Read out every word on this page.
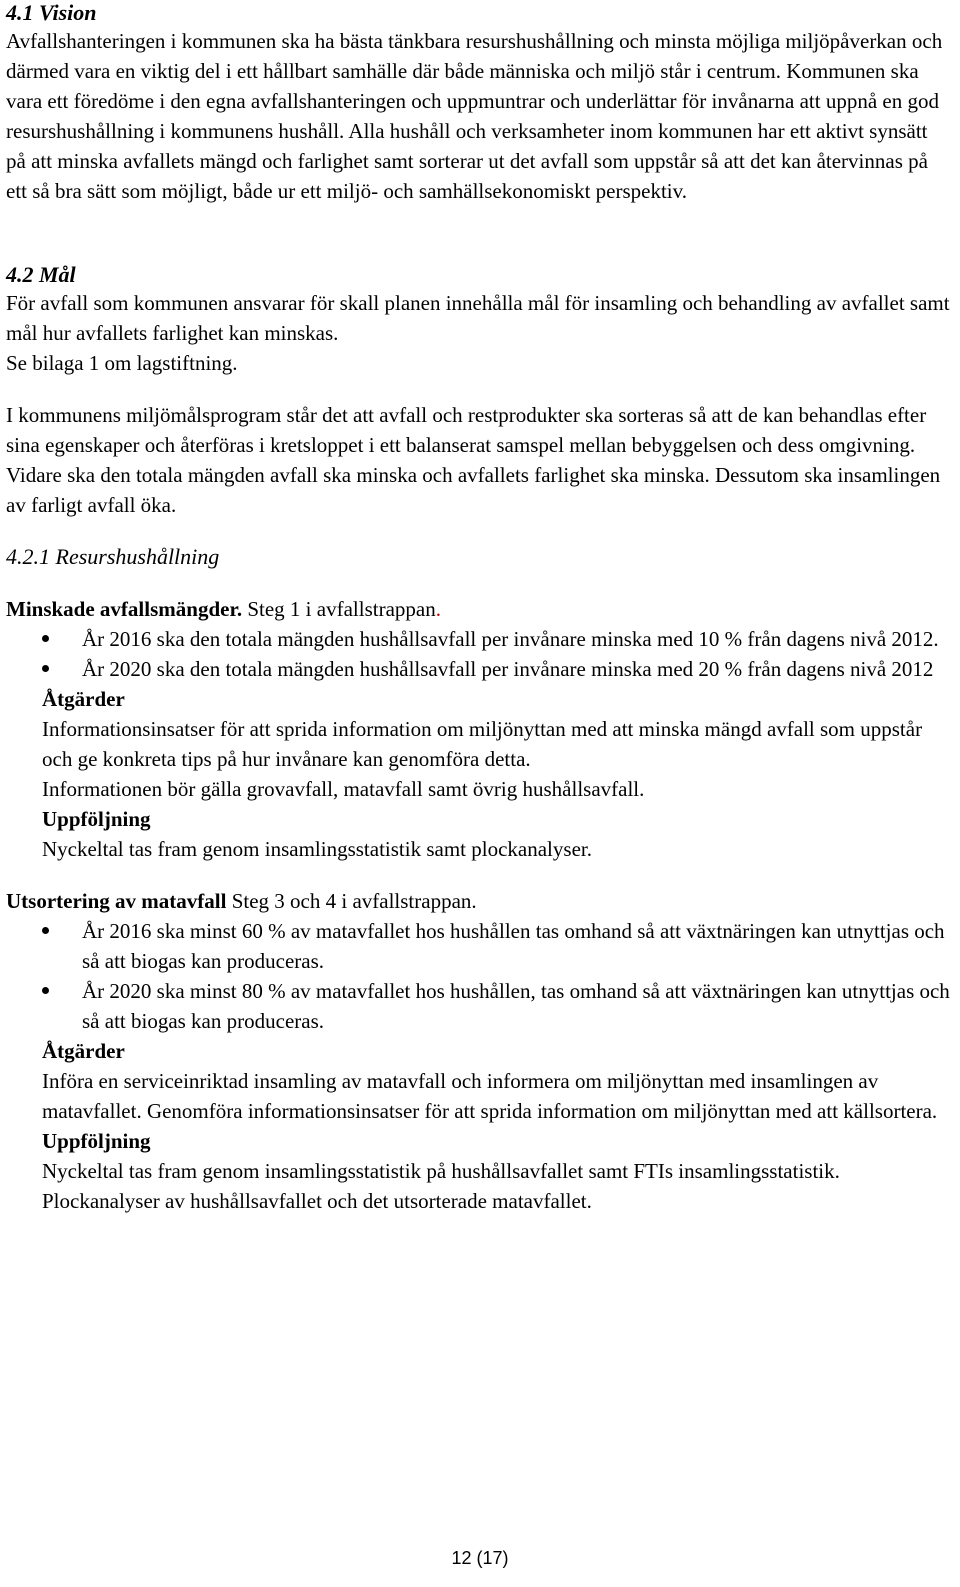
4.1 Vision

Avfallshanteringen i kommunen ska ha bästa tänkbara resurshushållning och minsta möjliga miljöpåverkan och därmed vara en viktig del i ett hållbart samhälle där både människa och miljö står i centrum. Kommunen ska vara ett föredöme i den egna avfallshanteringen och uppmuntrar och underlättar för invånarna att uppnå en god resurshushållning i kommunens hushåll. Alla hushåll och verksamheter inom kommunen har ett aktivt synsätt på att minska avfallets mängd och farlighet samt sorterar ut det avfall som uppstår så att det kan återvinnas på ett så bra sätt som möjligt, både ur ett miljö- och samhällsekonomiskt perspektiv.

4.2 Mål

För avfall som kommunen ansvarar för skall planen innehålla mål för insamling och behandling av avfallet samt mål hur avfallets farlighet kan minskas.

Se bilaga 1 om lagstiftning.

I kommunens miljömålsprogram står det att avfall och restprodukter ska sorteras så att de kan behandlas efter sina egenskaper och återföras i kretsloppet i ett balanserat samspel mellan bebyggelsen och dess omgivning. Vidare ska den totala mängden avfall ska minska och avfallets farlighet ska minska. Dessutom ska insamlingen av farligt avfall öka.

4.2.1 Resurshushållning

Minskade avfallsmängder. Steg 1 i avfallstrappan.

År 2016 ska den totala mängden hushållsavfall per invånare minska med 10 % från dagens nivå 2012.
År 2020 ska den totala mängden hushållsavfall per invånare minska med 20 % från dagens nivå 2012

Åtgärder

Informationsinsatser för att sprida information om miljönyttan med att minska mängd avfall som uppstår och ge konkreta tips på hur invånare kan genomföra detta.

Informationen bör gälla grovavfall, matavfall samt övrig hushållsavfall.

Uppföljning

Nyckeltal tas fram genom insamlingsstatistik samt plockanalyser.

Utsortering av matavfall Steg 3 och 4 i avfallstrappan.

År 2016 ska minst 60 % av matavfallet hos hushållen tas omhand så att växtnäringen kan utnyttjas och så att biogas kan produceras.
År 2020 ska minst 80 % av matavfallet hos hushållen, tas omhand så att växtnäringen kan utnyttjas och så att biogas kan produceras.

Åtgärder

Införa en serviceinriktad insamling av matavfall och informera om miljönyttan med insamlingen av matavfallet. Genomföra informationsinsatser för att sprida information om miljönyttan med att källsortera.

Uppföljning

Nyckeltal tas fram genom insamlingsstatistik på hushållsavfallet samt FTIs insamlingsstatistik. Plockanalyser av hushållsavfallet och det utsorterade matavfallet.

12 (17)
